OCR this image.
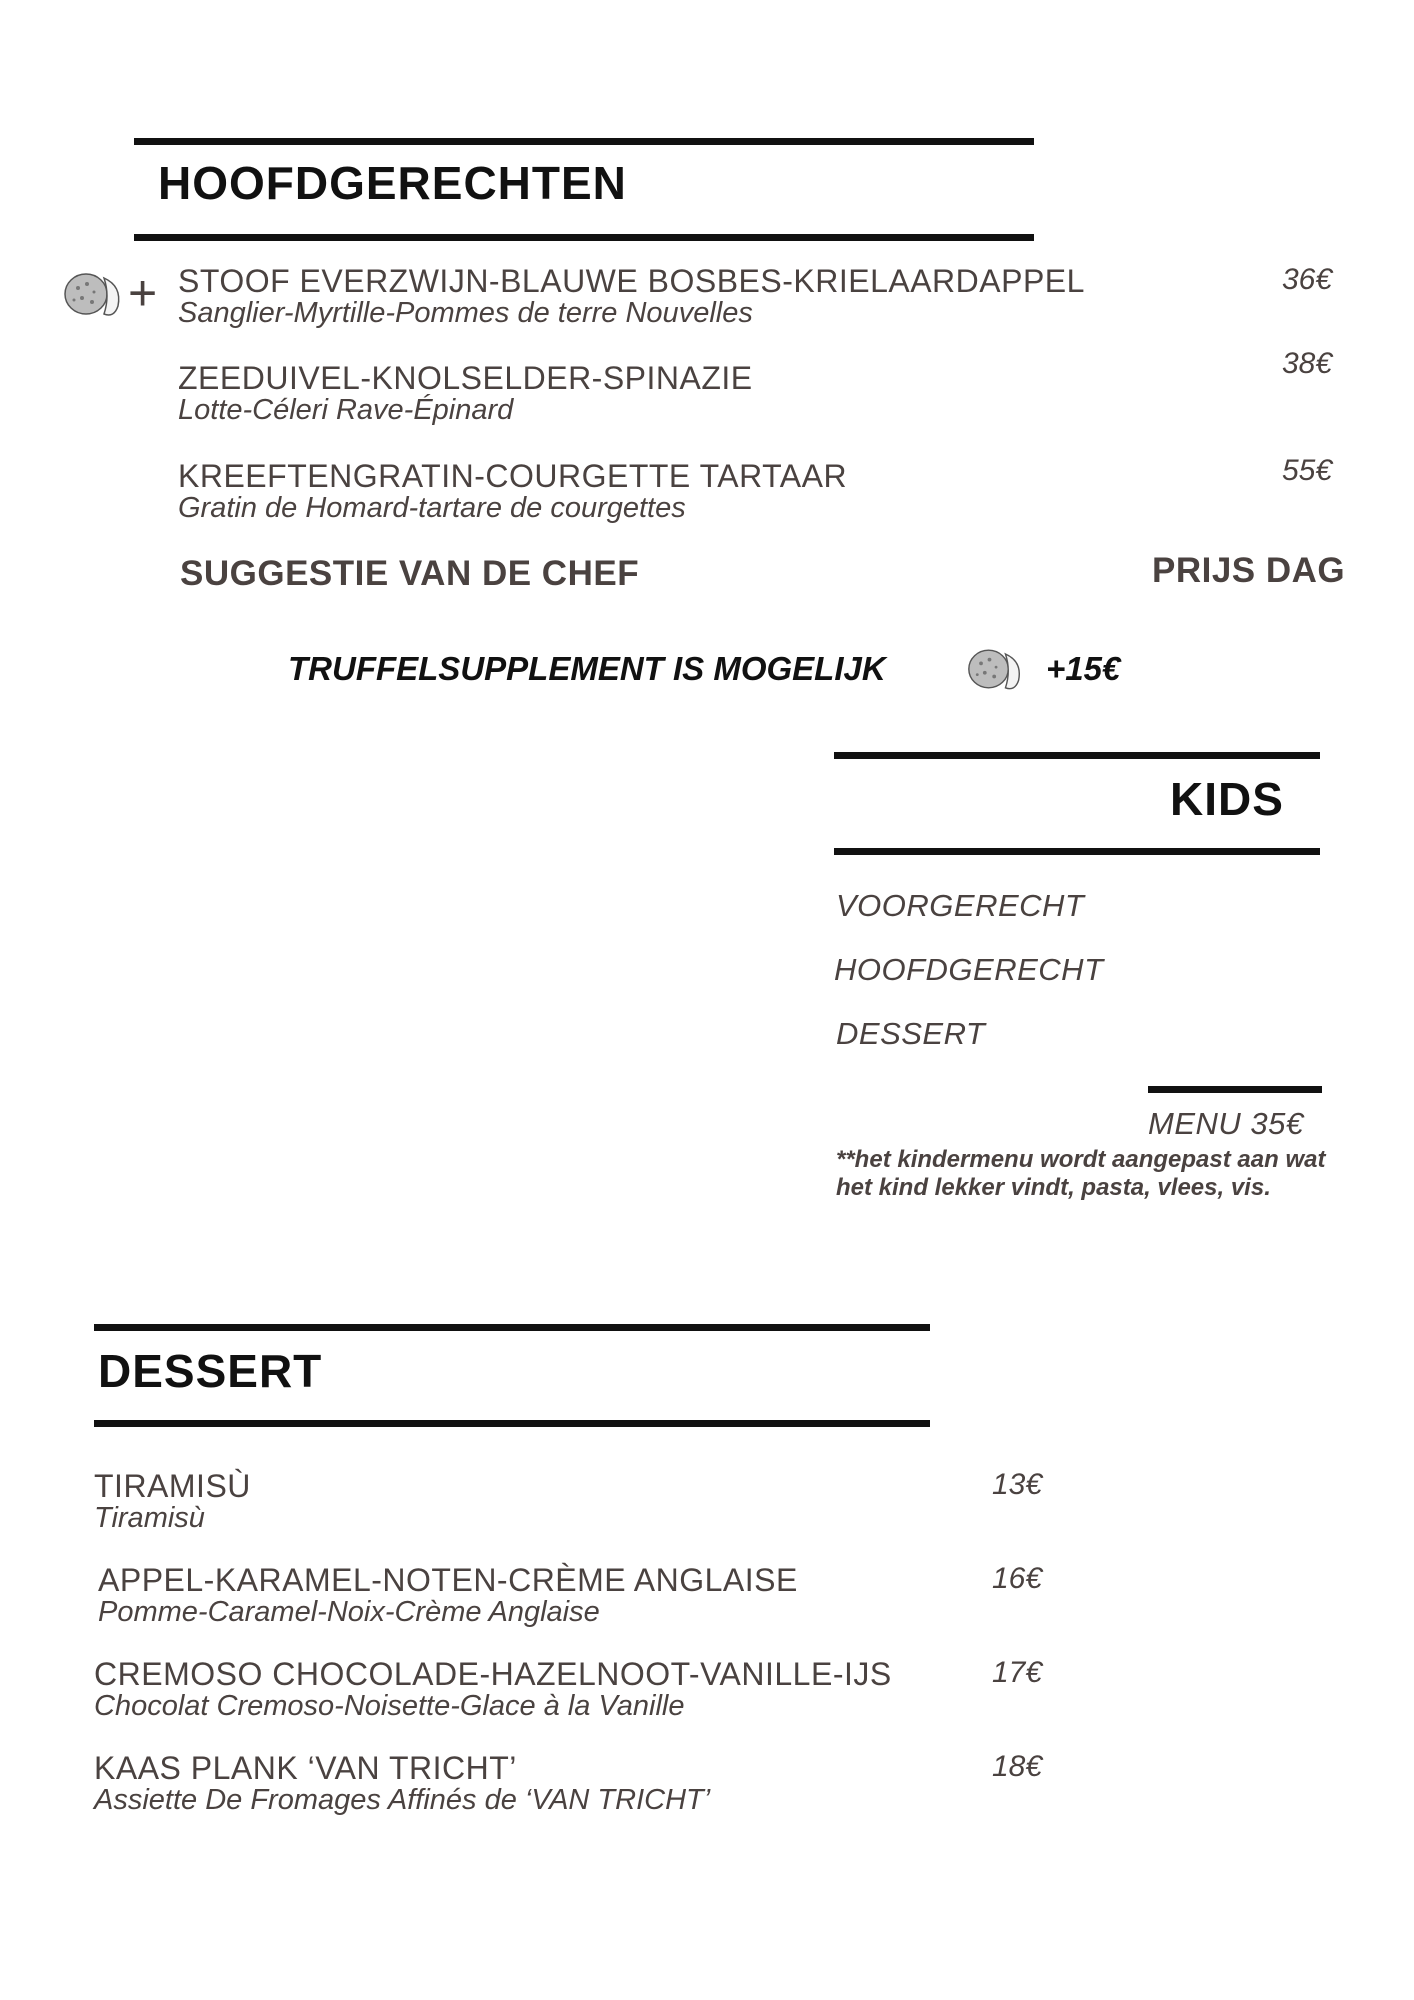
HOOFDGERECHTEN
+ STOOF EVERZWIJN-BLAUWE BOSBES-KRIELAARDAPPEL
Sanglier-Myrtille-Pommes de terre Nouvelles
36€
ZEEDUIVEL-KNOLSELDER-SPINAZIE
Lotte-Céleri Rave-Épinard
38€
KREEFTENGRATIN-COURGETTE TARTAAR
Gratin de Homard-tartare de courgettes
55€
SUGGESTIE VAN DE CHEF	PRIJS DAG
TRUFFELSUPPLEMENT IS MOGELIJK	+15€
KIDS
VOORGERECHT
HOOFDGERECHT
DESSERT
MENU 35€
**het kindermenu wordt aangepast aan wat het kind lekker vindt, pasta, vlees, vis.
DESSERT
TIRAMISÙ
Tiramisù
13€
APPEL-KARAMEL-NOTEN-CRÈME ANGLAISE
Pomme-Caramel-Noix-Crème Anglaise
16€
CREMOSO CHOCOLADE-HAZELNOOT-VANILLE-IJS
Chocolat Cremoso-Noisette-Glace à la Vanille
17€
KAAS PLANK ‘VAN TRICHT’
Assiette De Fromages Affinés de ‘VAN TRICHT’
18€
